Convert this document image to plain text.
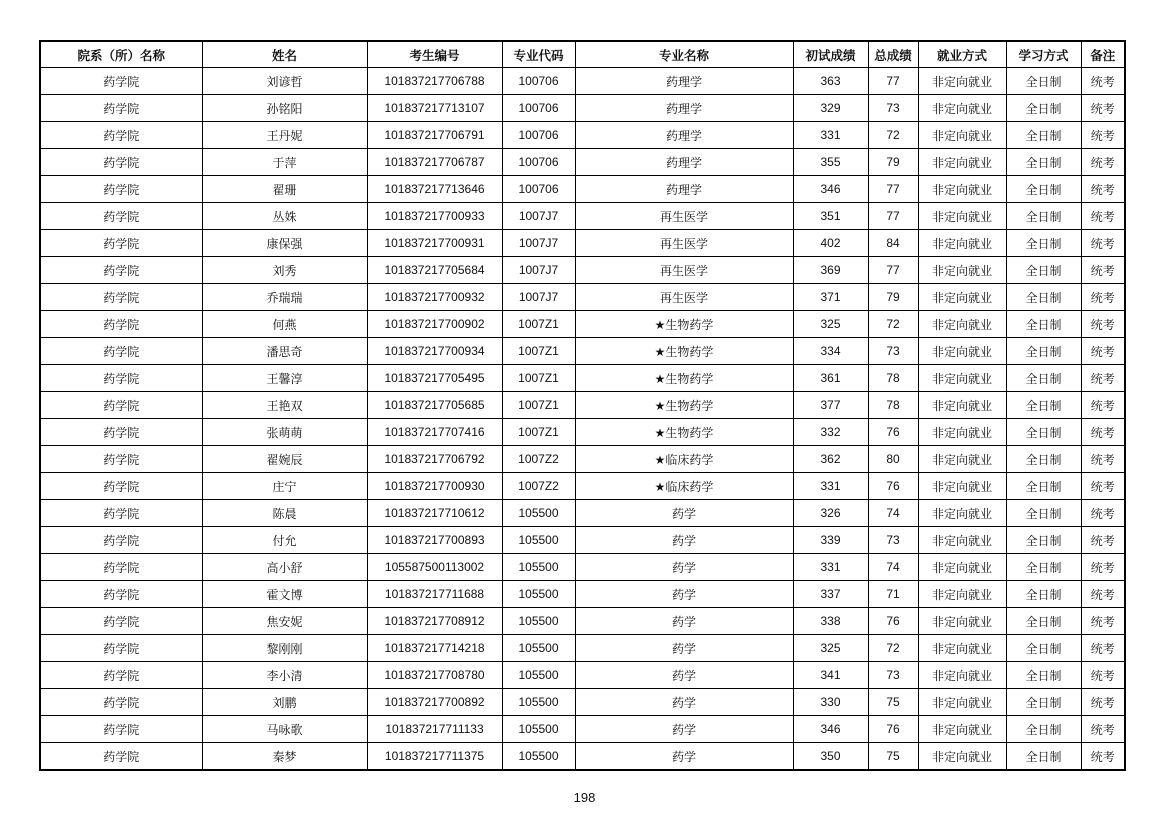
院系（所）名称	姓名	考生编号	专业代码	专业名称	初试成绩	总成绩	就业方式	学习方式	备注
药学院	刘谚哲	101837217706788	100706	药理学	363	77	非定向就业	全日制	统考
药学院	孙铭阳	101837217713107	100706	药理学	329	73	非定向就业	全日制	统考
药学院	王丹妮	101837217706791	100706	药理学	331	72	非定向就业	全日制	统考
药学院	于萍	101837217706787	100706	药理学	355	79	非定向就业	全日制	统考
药学院	翟珊	101837217713646	100706	药理学	346	77	非定向就业	全日制	统考
药学院	丛姝	101837217700933	1007J7	再生医学	351	77	非定向就业	全日制	统考
药学院	康保强	101837217700931	1007J7	再生医学	402	84	非定向就业	全日制	统考
药学院	刘秀	101837217705684	1007J7	再生医学	369	77	非定向就业	全日制	统考
药学院	乔瑞瑞	101837217700932	1007J7	再生医学	371	79	非定向就业	全日制	统考
药学院	何燕	101837217700902	1007Z1	★生物药学	325	72	非定向就业	全日制	统考
药学院	潘思奇	101837217700934	1007Z1	★生物药学	334	73	非定向就业	全日制	统考
药学院	王馨淳	101837217705495	1007Z1	★生物药学	361	78	非定向就业	全日制	统考
药学院	王艳双	101837217705685	1007Z1	★生物药学	377	78	非定向就业	全日制	统考
药学院	张萌萌	101837217707416	1007Z1	★生物药学	332	76	非定向就业	全日制	统考
药学院	翟婉辰	101837217706792	1007Z2	★临床药学	362	80	非定向就业	全日制	统考
药学院	庄宁	101837217700930	1007Z2	★临床药学	331	76	非定向就业	全日制	统考
药学院	陈晨	101837217710612	105500	药学	326	74	非定向就业	全日制	统考
药学院	付允	101837217700893	105500	药学	339	73	非定向就业	全日制	统考
药学院	高小舒	105587500113002	105500	药学	331	74	非定向就业	全日制	统考
药学院	霍文博	101837217711688	105500	药学	337	71	非定向就业	全日制	统考
药学院	焦安妮	101837217708912	105500	药学	338	76	非定向就业	全日制	统考
药学院	黎刚刚	101837217714218	105500	药学	325	72	非定向就业	全日制	统考
药学院	李小清	101837217708780	105500	药学	341	73	非定向就业	全日制	统考
药学院	刘鹏	101837217700892	105500	药学	330	75	非定向就业	全日制	统考
药学院	马咏歌	101837217711133	105500	药学	346	76	非定向就业	全日制	统考
药学院	秦梦	101837217711375	105500	药学	350	75	非定向就业	全日制	统考
198
